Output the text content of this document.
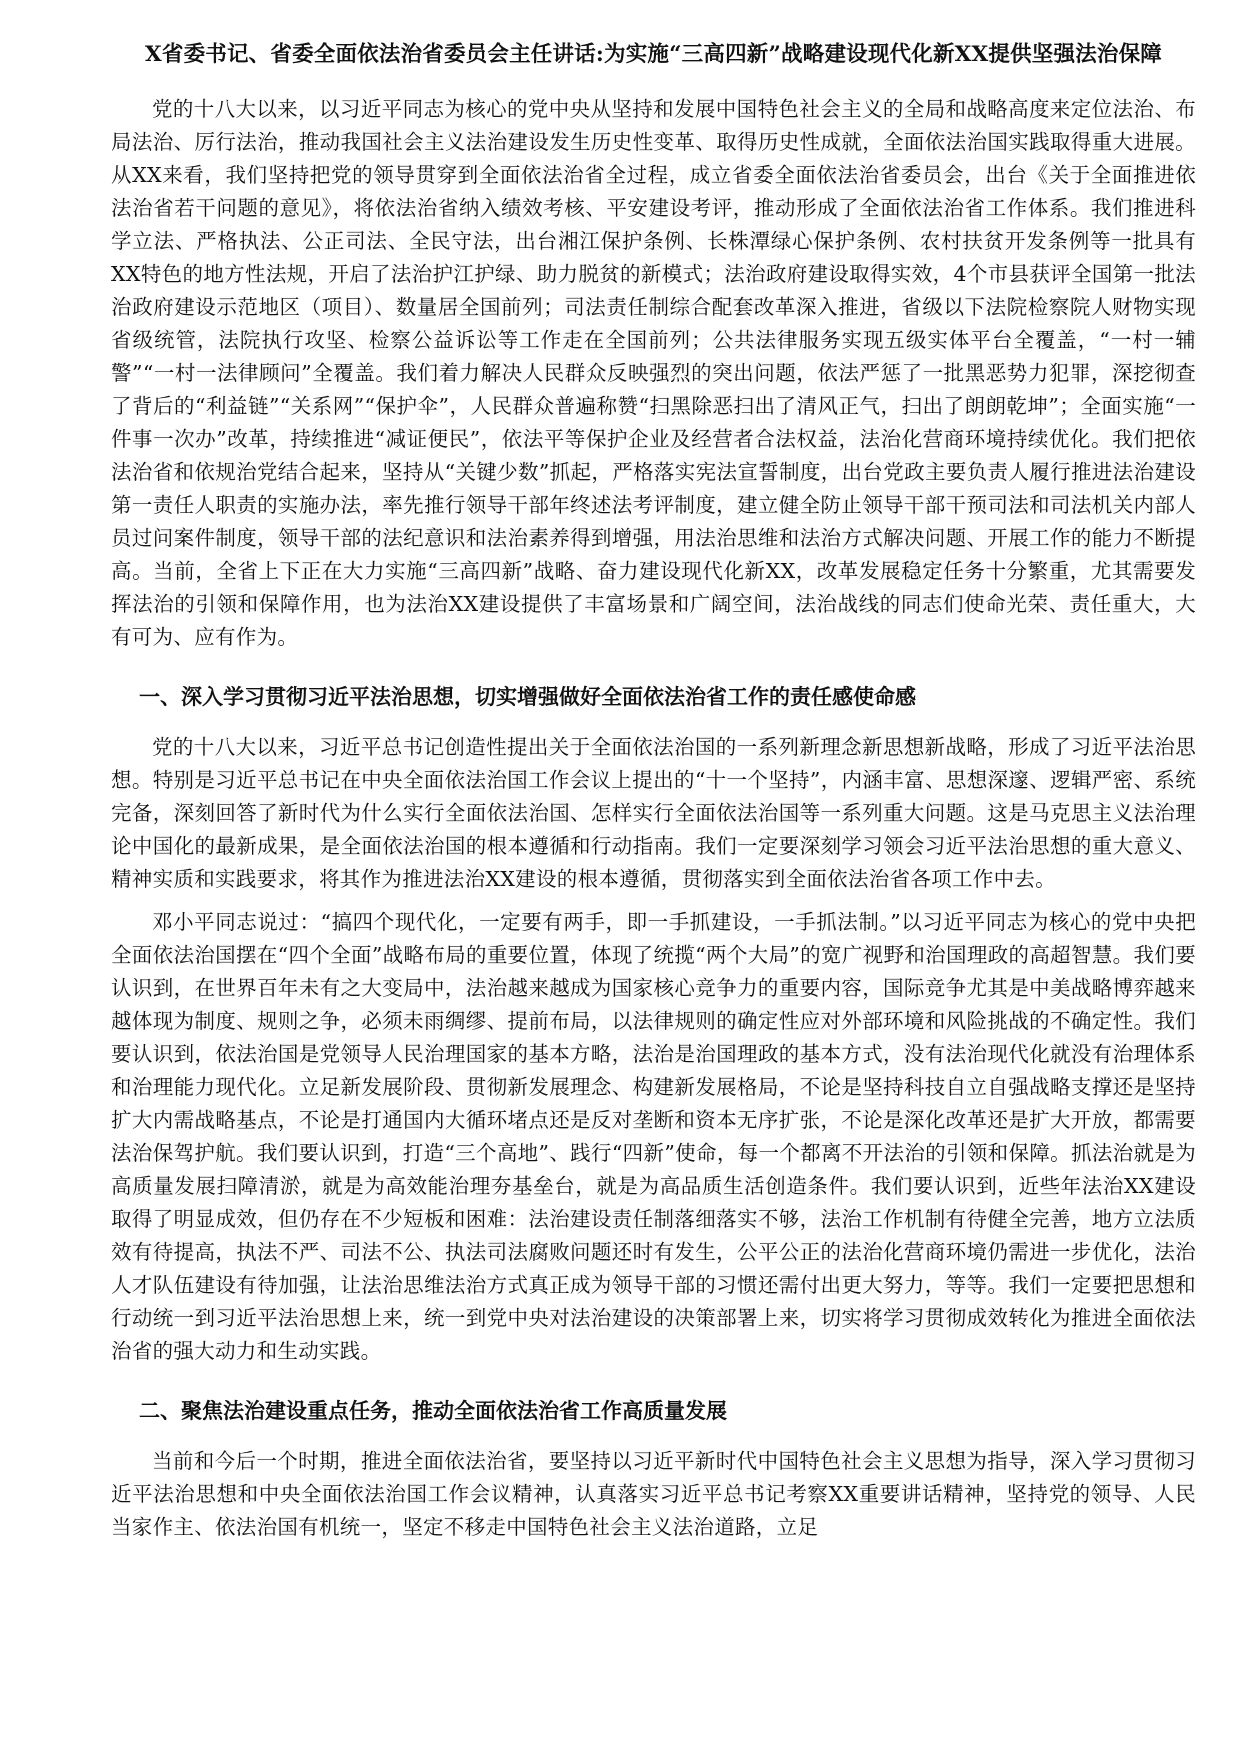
X省委书记、省委全面依法治省委员会主任讲话:为实施“三高四新”战略建设现代化新XX提供坚强法治保障

党的十八大以来，以习近平同志为核心的党中央从坚持和发展中国特色社会主义的全局和战略高度来定位法治、布局法治、厉行法治，推动我国社会主义法治建设发生历史性变革、取得历史性成就，全面依法治国实践取得重大进展。从XX来看，我们坚持把党的领导贯穿到全面依法治省全过程，成立省委全面依法治省委员会，出台《关于全面推进依法治省若干问题的意见》，将依法治省纳入绩效考核、平安建设考评，推动形成了全面依法治省工作体系。我们推进科学立法、严格执法、公正司法、全民守法，出台湘江保护条例、长株潭绿心保护条例、农村扶贫开发条例等一批具有XX特色的地方性法规，开启了法治护江护绿、助力脱贫的新模式；法治政府建设取得实效，4个市县获评全国第一批法治政府建设示范地区（项目）、数量居全国前列；司法责任制综合配套改革深入推进，省级以下法院检察院人财物实现省级统管，法院执行攻坚、检察公益诉讼等工作走在全国前列；公共法律服务实现五级实体平台全覆盖，“一村一辅警”“一村一法律顾问”全覆盖。我们着力解决人民群众反映强烈的突出问题，依法严惩了一批黑恶势力犯罪，深挖彻查了背后的“利益链”“关系网”“保护伞”，人民群众普遍称赞“扫黑除恶扫出了清风正气，扫出了朗朗乾坤”；全面实施“一件事一次办”改革，持续推进“减证便民”，依法平等保护企业及经营者合法权益，法治化营商环境持续优化。我们把依法治省和依规治党结合起来，坚持从“关键少数”抓起，严格落实宪法宣誓制度，出台党政主要负责人履行推进法治建设第一责任人职责的实施办法，率先推行领导干部年终述法考评制度，建立健全防止领导干部干预司法和司法机关内部人员过问案件制度，领导干部的法纪意识和法治素养得到增强，用法治思维和法治方式解决问题、开展工作的能力不断提高。当前，全省上下正在大力实施“三高四新”战略、奋力建设现代化新XX，改革发展稳定任务十分繁重，尤其需要发挥法治的引领和保障作用，也为法治XX建设提供了丰富场景和广阔空间，法治战线的同志们使命光荣、责任重大，大有可为、应有作为。

一、深入学习贯彻习近平法治思想，切实增强做好全面依法治省工作的责任感使命感

党的十八大以来，习近平总书记创造性提出关于全面依法治国的一系列新理念新思想新战略，形成了习近平法治思想。特别是习近平总书记在中央全面依法治国工作会议上提出的“十一个坚持”，内涵丰富、思想深邃、逻辑严密、系统完备，深刻回答了新时代为什么实行全面依法治国、怎样实行全面依法治国等一系列重大问题。这是马克思主义法治理论中国化的最新成果，是全面依法治国的根本遵循和行动指南。我们一定要深刻学习领会习近平法治思想的重大意义、精神实质和实践要求，将其作为推进法治XX建设的根本遵循，贯彻落实到全面依法治省各项工作中去。

邓小平同志说过：“搞四个现代化，一定要有两手，即一手抓建设，一手抓法制。”以习近平同志为核心的党中央把全面依法治国摆在“四个全面”战略布局的重要位置，体现了统揽“两个大局”的宽广视野和治国理政的高超智慧。我们要认识到，在世界百年未有之大变局中，法治越来越成为国家核心竞争力的重要内容，国际竞争尤其是中美战略博弈越来越体现为制度、规则之争，必须未雨绸缪、提前布局，以法律规则的确定性应对外部环境和风险挑战的不确定性。我们要认识到，依法治国是党领导人民治理国家的基本方略，法治是治国理政的基本方式，没有法治现代化就没有治理体系和治理能力现代化。立足新发展阶段、贯彻新发展理念、构建新发展格局，不论是坚持科技自立自强战略支撑还是坚持扩大内需战略基点，不论是打通国内大循环堵点还是反对垄断和资本无序扩张，不论是深化改革还是扩大开放，都需要法治保驾护航。我们要认识到，打造“三个高地”、践行“四新”使命，每一个都离不开法治的引领和保障。抓法治就是为高质量发展扫障清淤，就是为高效能治理夯基垒台，就是为高品质生活创造条件。我们要认识到，近些年法治XX建设取得了明显成效，但仍存在不少短板和困难：法治建设责任制落细落实不够，法治工作机制有待健全完善，地方立法质效有待提高，执法不严、司法不公、执法司法腐败问题还时有发生，公平公正的法治化营商环境仍需进一步优化，法治人才队伍建设有待加强，让法治思维法治方式真正成为领导干部的习惯还需付出更大努力，等等。我们一定要把思想和行动统一到习近平法治思想上来，统一到党中央对法治建设的决策部署上来，切实将学习贯彻成效转化为推进全面依法治省的强大动力和生动实践。

二、聚焦法治建设重点任务，推动全面依法治省工作高质量发展

当前和今后一个时期，推进全面依法治省，要坚持以习近平新时代中国特色社会主义思想为指导，深入学习贯彻习近平法治思想和中央全面依法治国工作会议精神，认真落实习近平总书记考察XX重要讲话精神，坚持党的领导、人民当家作主、依法治国有机统一，坚定不移走中国特色社会主义法治道路，立足
